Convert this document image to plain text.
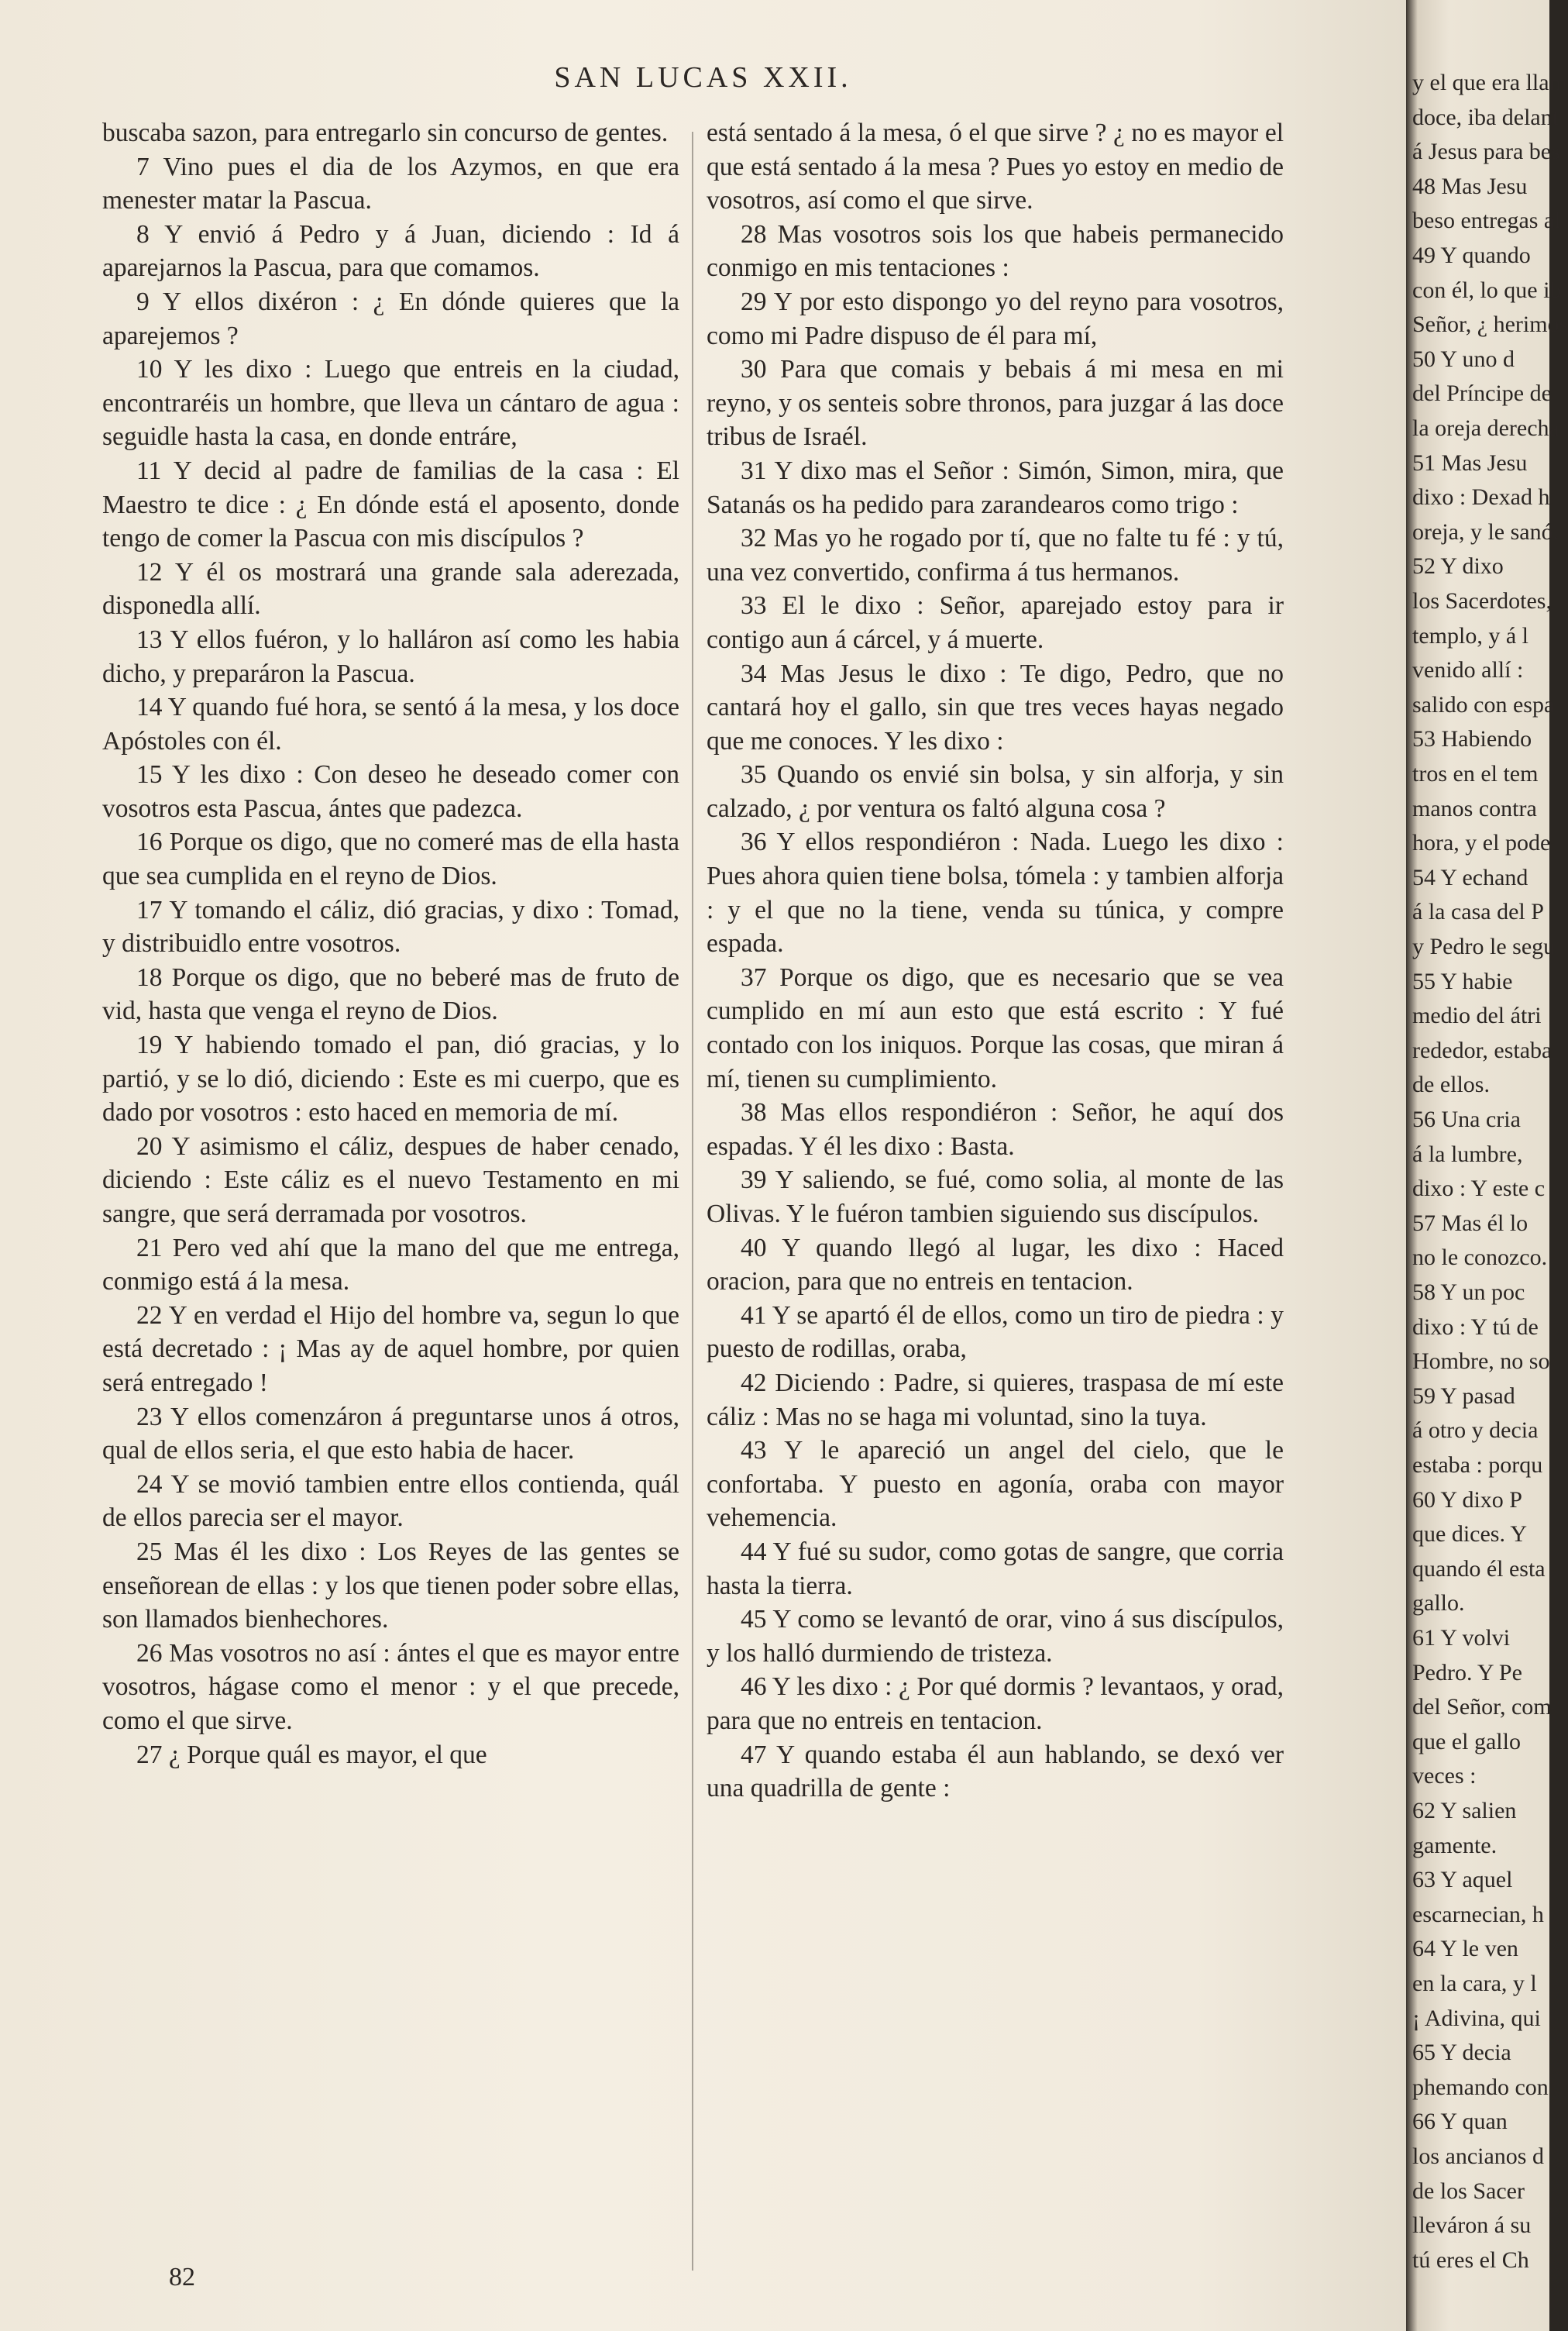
SAN LUCAS XXII.

buscaba sazon, para entregarlo sin concurso de gentes.

7 Vino pues el dia de los Azymos, en que era menester matar la Pascua.

8 Y envió á Pedro y á Juan, diciendo : Id á aparejarnos la Pascua, para que comamos.

9 Y ellos dixéron : ¿ En dónde quieres que la aparejemos ?

10 Y les dixo : Luego que entreis en la ciudad, encontraréis un hombre, que lleva un cántaro de agua : seguidle hasta la casa, en donde entráre,

11 Y decid al padre de familias de la casa : El Maestro te dice : ¿ En dónde está el aposento, donde tengo de comer la Pascua con mis discípulos ?

12 Y él os mostrará una grande sala aderezada, disponedla allí.

13 Y ellos fuéron, y lo halláron así como les habia dicho, y preparáron la Pascua.

14 Y quando fué hora, se sentó á la mesa, y los doce Apóstoles con él.

15 Y les dixo : Con deseo he deseado comer con vosotros esta Pascua, ántes que padezca.

16 Porque os digo, que no comeré mas de ella hasta que sea cumplida en el reyno de Dios.

17 Y tomando el cáliz, dió gracias, y dixo : Tomad, y distribuidlo entre vosotros.

18 Porque os digo, que no beberé mas de fruto de vid, hasta que venga el reyno de Dios.

19 Y habiendo tomado el pan, dió gracias, y lo partió, y se lo dió, diciendo : Este es mi cuerpo, que es dado por vosotros : esto haced en memoria de mí.

20 Y asimismo el cáliz, despues de haber cenado, diciendo : Este cáliz es el nuevo Testamento en mi sangre, que será derramada por vosotros.

21 Pero ved ahí que la mano del que me entrega, conmigo está á la mesa.

22 Y en verdad el Hijo del hombre va, segun lo que está decretado : ¡ Mas ay de aquel hombre, por quien será entregado !

23 Y ellos comenzáron á preguntarse unos á otros, qual de ellos seria, el que esto habia de hacer.

24 Y se movió tambien entre ellos contienda, quál de ellos parecia ser el mayor.

25 Mas él les dixo : Los Reyes de las gentes se enseñorean de ellas : y los que tienen poder sobre ellas, son llamados bienhechores.

26 Mas vosotros no así : ántes el que es mayor entre vosotros, hágase como el menor : y el que precede, como el que sirve.

27 ¿ Porque quál es mayor, el que

está sentado á la mesa, ó el que sirve ? ¿ no es mayor el que está sentado á la mesa ? Pues yo estoy en medio de vosotros, así como el que sirve.

28 Mas vosotros sois los que habeis permanecido conmigo en mis tentaciones :

29 Y por esto dispongo yo del reyno para vosotros, como mi Padre dispuso de él para mí,

30 Para que comais y bebais á mi mesa en mi reyno, y os senteis sobre thronos, para juzgar á las doce tribus de Israél.

31 Y dixo mas el Señor : Simón, Simon, mira, que Satanás os ha pedido para zarandearos como trigo :

32 Mas yo he rogado por tí, que no falte tu fé : y tú, una vez convertido, confirma á tus hermanos.

33 El le dixo : Señor, aparejado estoy para ir contigo aun á cárcel, y á muerte.

34 Mas Jesus le dixo : Te digo, Pedro, que no cantará hoy el gallo, sin que tres veces hayas negado que me conoces. Y les dixo :

35 Quando os envié sin bolsa, y sin alforja, y sin calzado, ¿ por ventura os faltó alguna cosa ?

36 Y ellos respondiéron : Nada. Luego les dixo : Pues ahora quien tiene bolsa, tómela : y tambien alforja : y el que no la tiene, venda su túnica, y compre espada.

37 Porque os digo, que es necesario que se vea cumplido en mí aun esto que está escrito : Y fué contado con los iniquos. Porque las cosas, que miran á mí, tienen su cumplimiento.

38 Mas ellos respondiéron : Señor, he aquí dos espadas. Y él les dixo : Basta.

39 Y saliendo, se fué, como solia, al monte de las Olivas. Y le fuéron tambien siguiendo sus discípulos.

40 Y quando llegó al lugar, les dixo : Haced oracion, para que no entreis en tentacion.

41 Y se apartó él de ellos, como un tiro de piedra : y puesto de rodillas, oraba,

42 Diciendo : Padre, si quieres, traspasa de mí este cáliz : Mas no se haga mi voluntad, sino la tuya.

43 Y le apareció un angel del cielo, que le confortaba. Y puesto en agonía, oraba con mayor vehemencia.

44 Y fué su sudor, como gotas de sangre, que corria hasta la tierra.

45 Y como se levantó de orar, vino á sus discípulos, y los halló durmiendo de tristeza.

46 Y les dixo : ¿ Por qué dormis ? levantaos, y orad, para que no entreis en tentacion.

47 Y quando estaba él aun hablando, se dexó ver una quadrilla de gente :

82
y el que era llam
doce, iba delant
á Jesus para bes
48 Mas Jesu
beso entregas al
49 Y quando
con él, lo que ib
Señor, ¿ herimos
50 Y uno d
del Príncipe de
la oreja derecha
51 Mas Jesu
dixo : Dexad h
oreja, y le sanó.
52 Y dixo
los Sacerdotes,
templo, y á l
venido allí :
salido con espa
53 Habiendo
tros en el tem
manos contra
hora, y el pode
54 Y echand
á la casa del P
y Pedro le segu
55 Y habie
medio del átri
rededor, estaba
de ellos.
56 Una cria
á la lumbre,
dixo : Y este c
57 Mas él lo
no le conozco.
58 Y un poc
dixo : Y tú de
Hombre, no so
59 Y pasad
á otro y decia
estaba : porqu
60 Y dixo P
que dices. Y
quando él esta
gallo.
61 Y volvi
Pedro. Y Pe
del Señor, com
que el gallo
veces :
62 Y salien
gamente.
63 Y aquel
escarnecian, h
64 Y le ven
en la cara, y l
¡ Adivina, qui
65 Y decia
phemando con
66 Y quan
los ancianos d
de los Sacer
lleváron á su
tú eres el Ch
